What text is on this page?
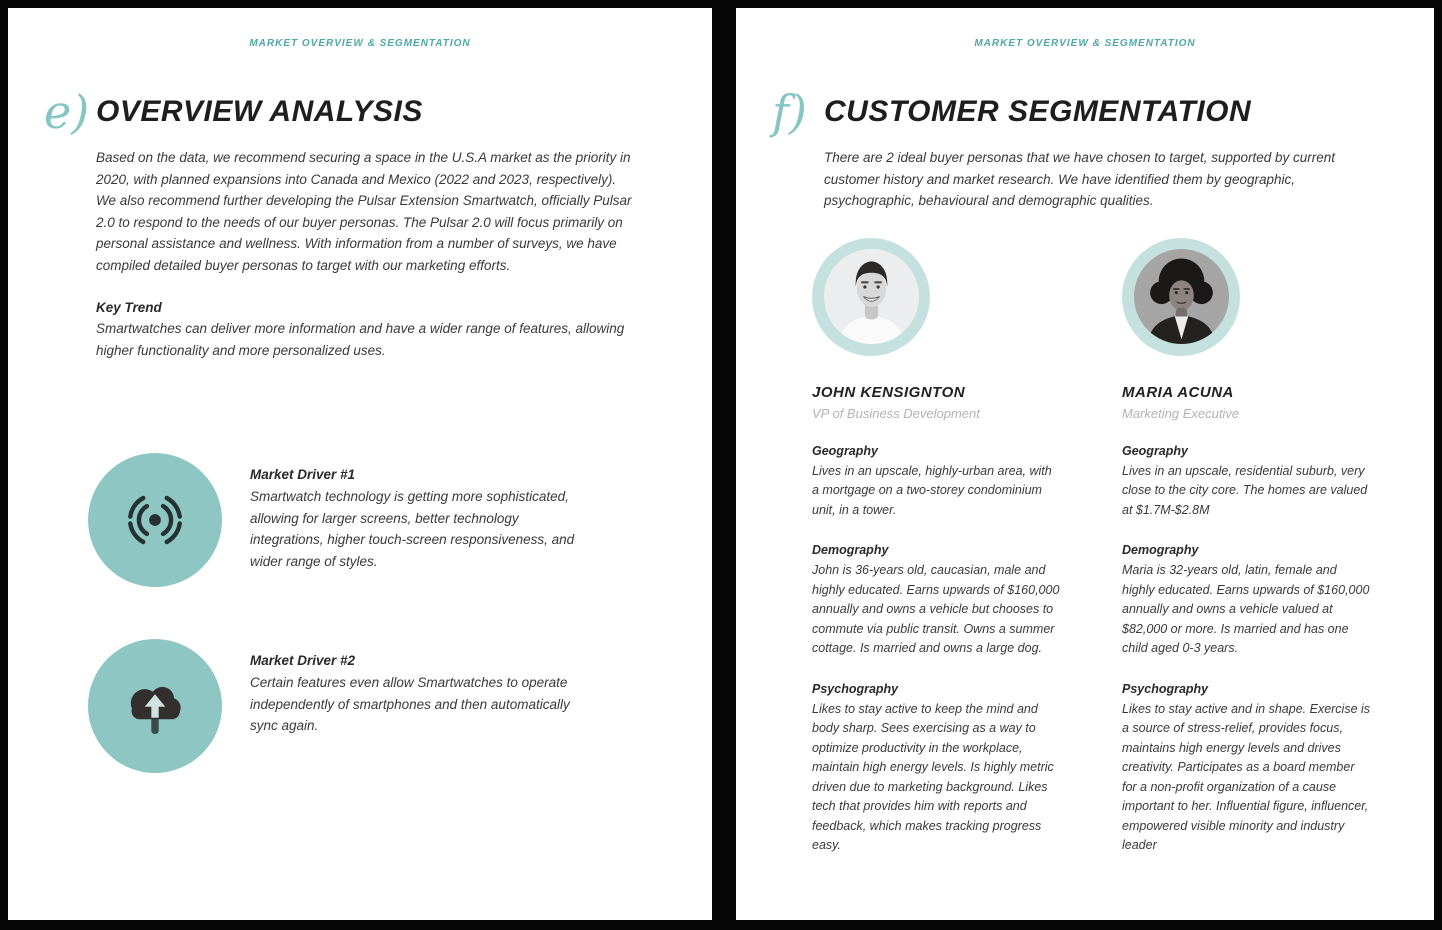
MARKET OVERVIEW & SEGMENTATION
e) OVERVIEW ANALYSIS

Based on the data, we recommend securing a space in the U.S.A market as the priority in 2020, with planned expansions into Canada and Mexico (2022 and 2023, respectively). We also recommend further developing the Pulsar Extension Smartwatch, officially Pulsar 2.0 to respond to the needs of our buyer personas. The Pulsar 2.0 will focus primarily on personal assistance and wellness. With information from a number of surveys, we have compiled detailed buyer personas to target with our marketing efforts.

Key Trend
Smartwatches can deliver more information and have a wider range of features, allowing higher functionality and more personalized uses.
Market Driver #1
Smartwatch technology is getting more sophisticated, allowing for larger screens, better technology integrations, higher touch-screen responsiveness, and wider range of styles.
Market Driver #2
Certain features even allow Smartwatches to operate independently of smartphones and then automatically sync again.
MARKET OVERVIEW & SEGMENTATION
f) CUSTOMER SEGMENTATION

There are 2 ideal buyer personas that we have chosen to target, supported by current customer history and market research. We have identified them by geographic, psychographic, behavioural and demographic qualities.

JOHN KENSIGNTON
VP of Business Development
Geography
Lives in an upscale, highly-urban area, with a mortgage on a two-storey condominium unit, in a tower.
Demography
John is 36-years old, caucasian, male and highly educated. Earns upwards of $160,000 annually and owns a vehicle but chooses to commute via public transit. Owns a summer cottage. Is married and owns a large dog.
Psychography
Likes to stay active to keep the mind and body sharp. Sees exercising as a way to optimize productivity in the workplace, maintain high energy levels. Is highly metric driven due to marketing background. Likes tech that provides him with reports and feedback, which makes tracking progress easy.
MARIA ACUNA
Marketing Executive
Geography
Lives in an upscale, residential suburb, very close to the city core. The homes are valued at $1.7M-$2.8M
Demography
Maria is 32-years old, latin, female and highly educated. Earns upwards of $160,000 annually and owns a vehicle valued at $82,000 or more. Is married and has one child aged 0-3 years.
Psychography
Likes to stay active and in shape. Exercise is a source of stress-relief, provides focus, maintains high energy levels and drives creativity. Participates as a board member for a non-profit organization of a cause important to her. Influential figure, influencer, empowered visible minority and industry leader
